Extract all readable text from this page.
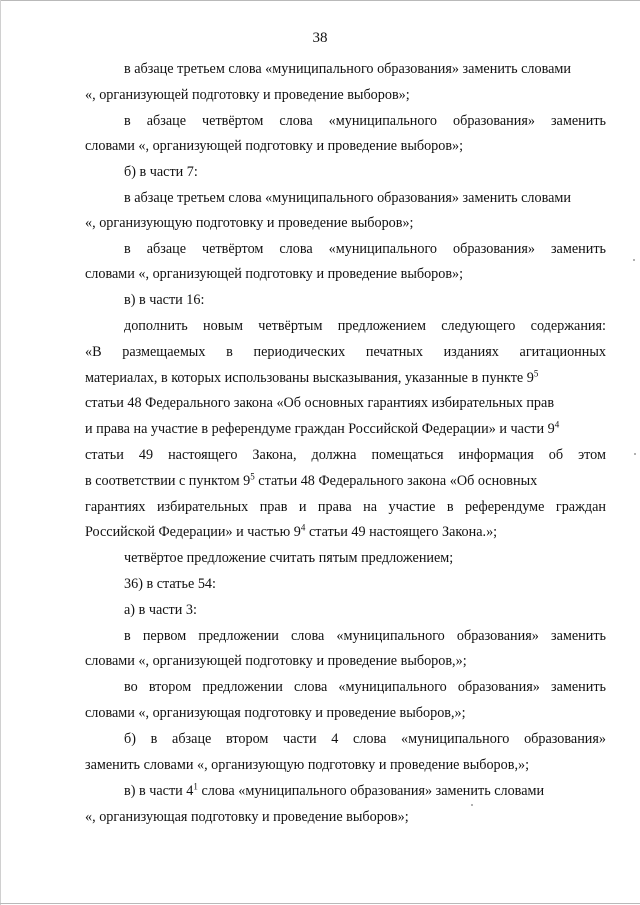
38
в абзаце третьем слова «муниципального образования» заменить словами
«, организующей подготовку и проведение выборов»;
в абзаце четвёртом слова «муниципального образования» заменить
словами «, организующей подготовку и проведение выборов»;
б) в части 7:
в абзаце третьем слова «муниципального образования» заменить словами
«, организующую подготовку и проведение выборов»;
в абзаце четвёртом слова «муниципального образования» заменить
словами «, организующей подготовку и проведение выборов»;
в) в части 16:
дополнить новым четвёртым предложением следующего содержания:
«В размещаемых в периодических печатных изданиях агитационных
материалах, в которых использованы высказывания, указанные в пункте $9^5$
статьи 48 Федерального закона «Об основных гарантиях избирательных прав
и права на участие в референдуме граждан Российской Федерации» и части $9^4$
статьи 49 настоящего Закона, должна помещаться информация об этом
в соответствии с пунктом $9^5$ статьи 48 Федерального закона «Об основных
гарантиях избирательных прав и права на участие в референдуме граждан
Российской Федерации» и частью $9^4$ статьи 49 настоящего Закона.»;
четвёртое предложение считать пятым предложением;
36) в статье 54:
а) в части 3:
в первом предложении слова «муниципального образования» заменить
словами «, организующей подготовку и проведение выборов,»;
во втором предложении слова «муниципального образования» заменить
словами «, организующая подготовку и проведение выборов,»;
б) в абзаце втором части 4 слова «муниципального образования»
заменить словами «, организующую подготовку и проведение выборов,»;
в) в части $4^1$ слова «муниципального образования» заменить словами
«, организующая подготовку и проведение выборов»;
